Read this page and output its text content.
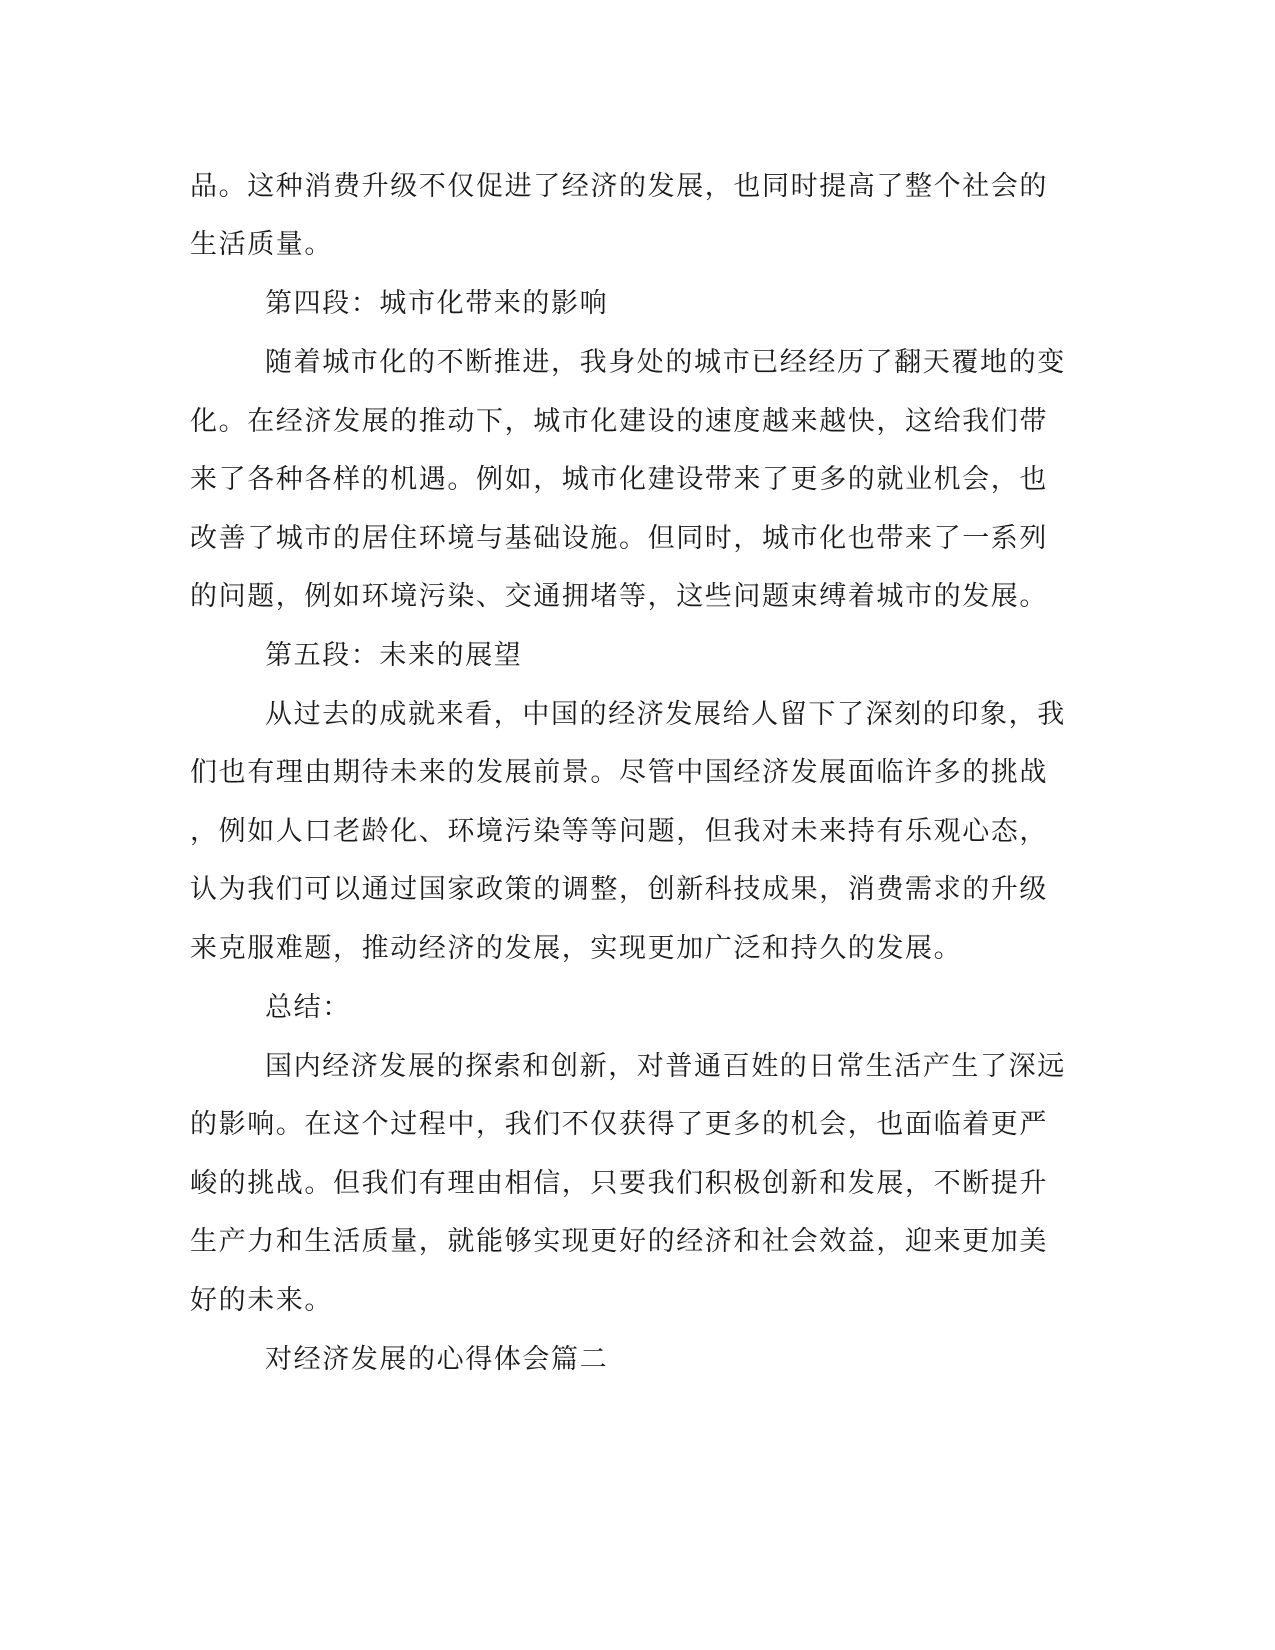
品。这种消费升级不仅促进了经济的发展，也同时提高了整个社会的
生活质量。
第四段：城市化带来的影响
随着城市化的不断推进，我身处的城市已经经历了翻天覆地的变
化。在经济发展的推动下，城市化建设的速度越来越快，这给我们带
来了各种各样的机遇。例如，城市化建设带来了更多的就业机会，也
改善了城市的居住环境与基础设施。但同时，城市化也带来了一系列
的问题，例如环境污染、交通拥堵等，这些问题束缚着城市的发展。
第五段：未来的展望
从过去的成就来看，中国的经济发展给人留下了深刻的印象，我
们也有理由期待未来的发展前景。尽管中国经济发展面临许多的挑战
，例如人口老龄化、环境污染等等问题，但我对未来持有乐观心态，
认为我们可以通过国家政策的调整，创新科技成果，消费需求的升级
来克服难题，推动经济的发展，实现更加广泛和持久的发展。
总结：
国内经济发展的探索和创新，对普通百姓的日常生活产生了深远
的影响。在这个过程中，我们不仅获得了更多的机会，也面临着更严
峻的挑战。但我们有理由相信，只要我们积极创新和发展，不断提升
生产力和生活质量，就能够实现更好的经济和社会效益，迎来更加美
好的未来。
对经济发展的心得体会篇二
